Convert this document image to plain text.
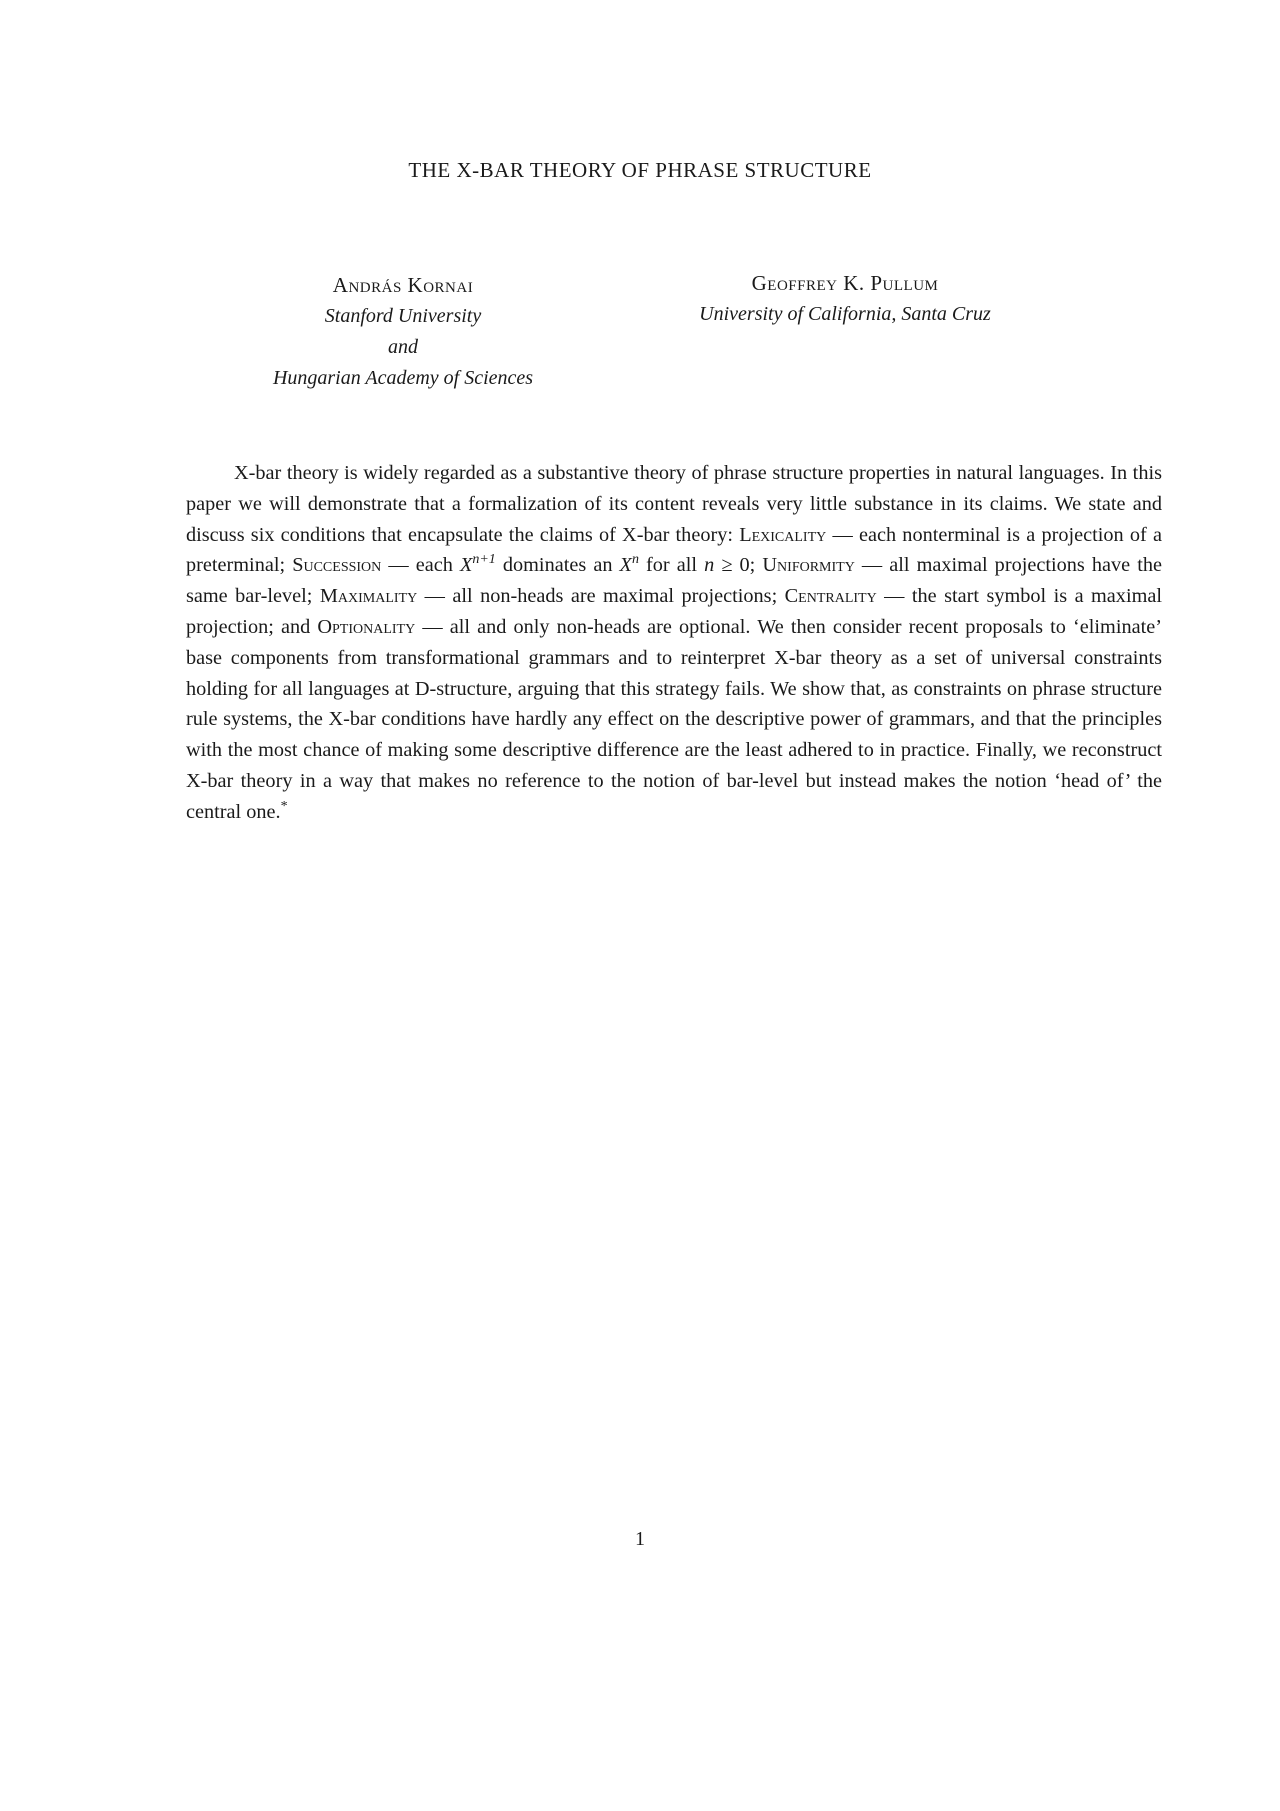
THE X-BAR THEORY OF PHRASE STRUCTURE
András Kornai
Stanford University
and
Hungarian Academy of Sciences
Geoffrey K. Pullum
University of California, Santa Cruz

X-bar theory is widely regarded as a substantive theory of phrase structure properties in natural languages. In this paper we will demonstrate that a formalization of its content reveals very little substance in its claims. We state and discuss six conditions that encapsulate the claims of X-bar theory: Lexicality — each nonterminal is a projection of a preterminal; Succession — each $X^{n+1}$ dominates an $X^n$ for all n ≥ 0; Uniformity — all maximal projections have the same bar-level; Maximality — all non-heads are maximal projections; Centrality — the start symbol is a maximal projection; and Optionality — all and only non-heads are optional. We then consider recent proposals to ‘eliminate’ base components from transformational grammars and to reinterpret X-bar theory as a set of universal constraints holding for all languages at D-structure, arguing that this strategy fails. We show that, as constraints on phrase structure rule systems, the X-bar conditions have hardly any effect on the descriptive power of grammars, and that the principles with the most chance of making some descriptive difference are the least adhered to in practice. Finally, we reconstruct X-bar theory in a way that makes no reference to the notion of bar-level but instead makes the notion ‘head of’ the central one.*

1
